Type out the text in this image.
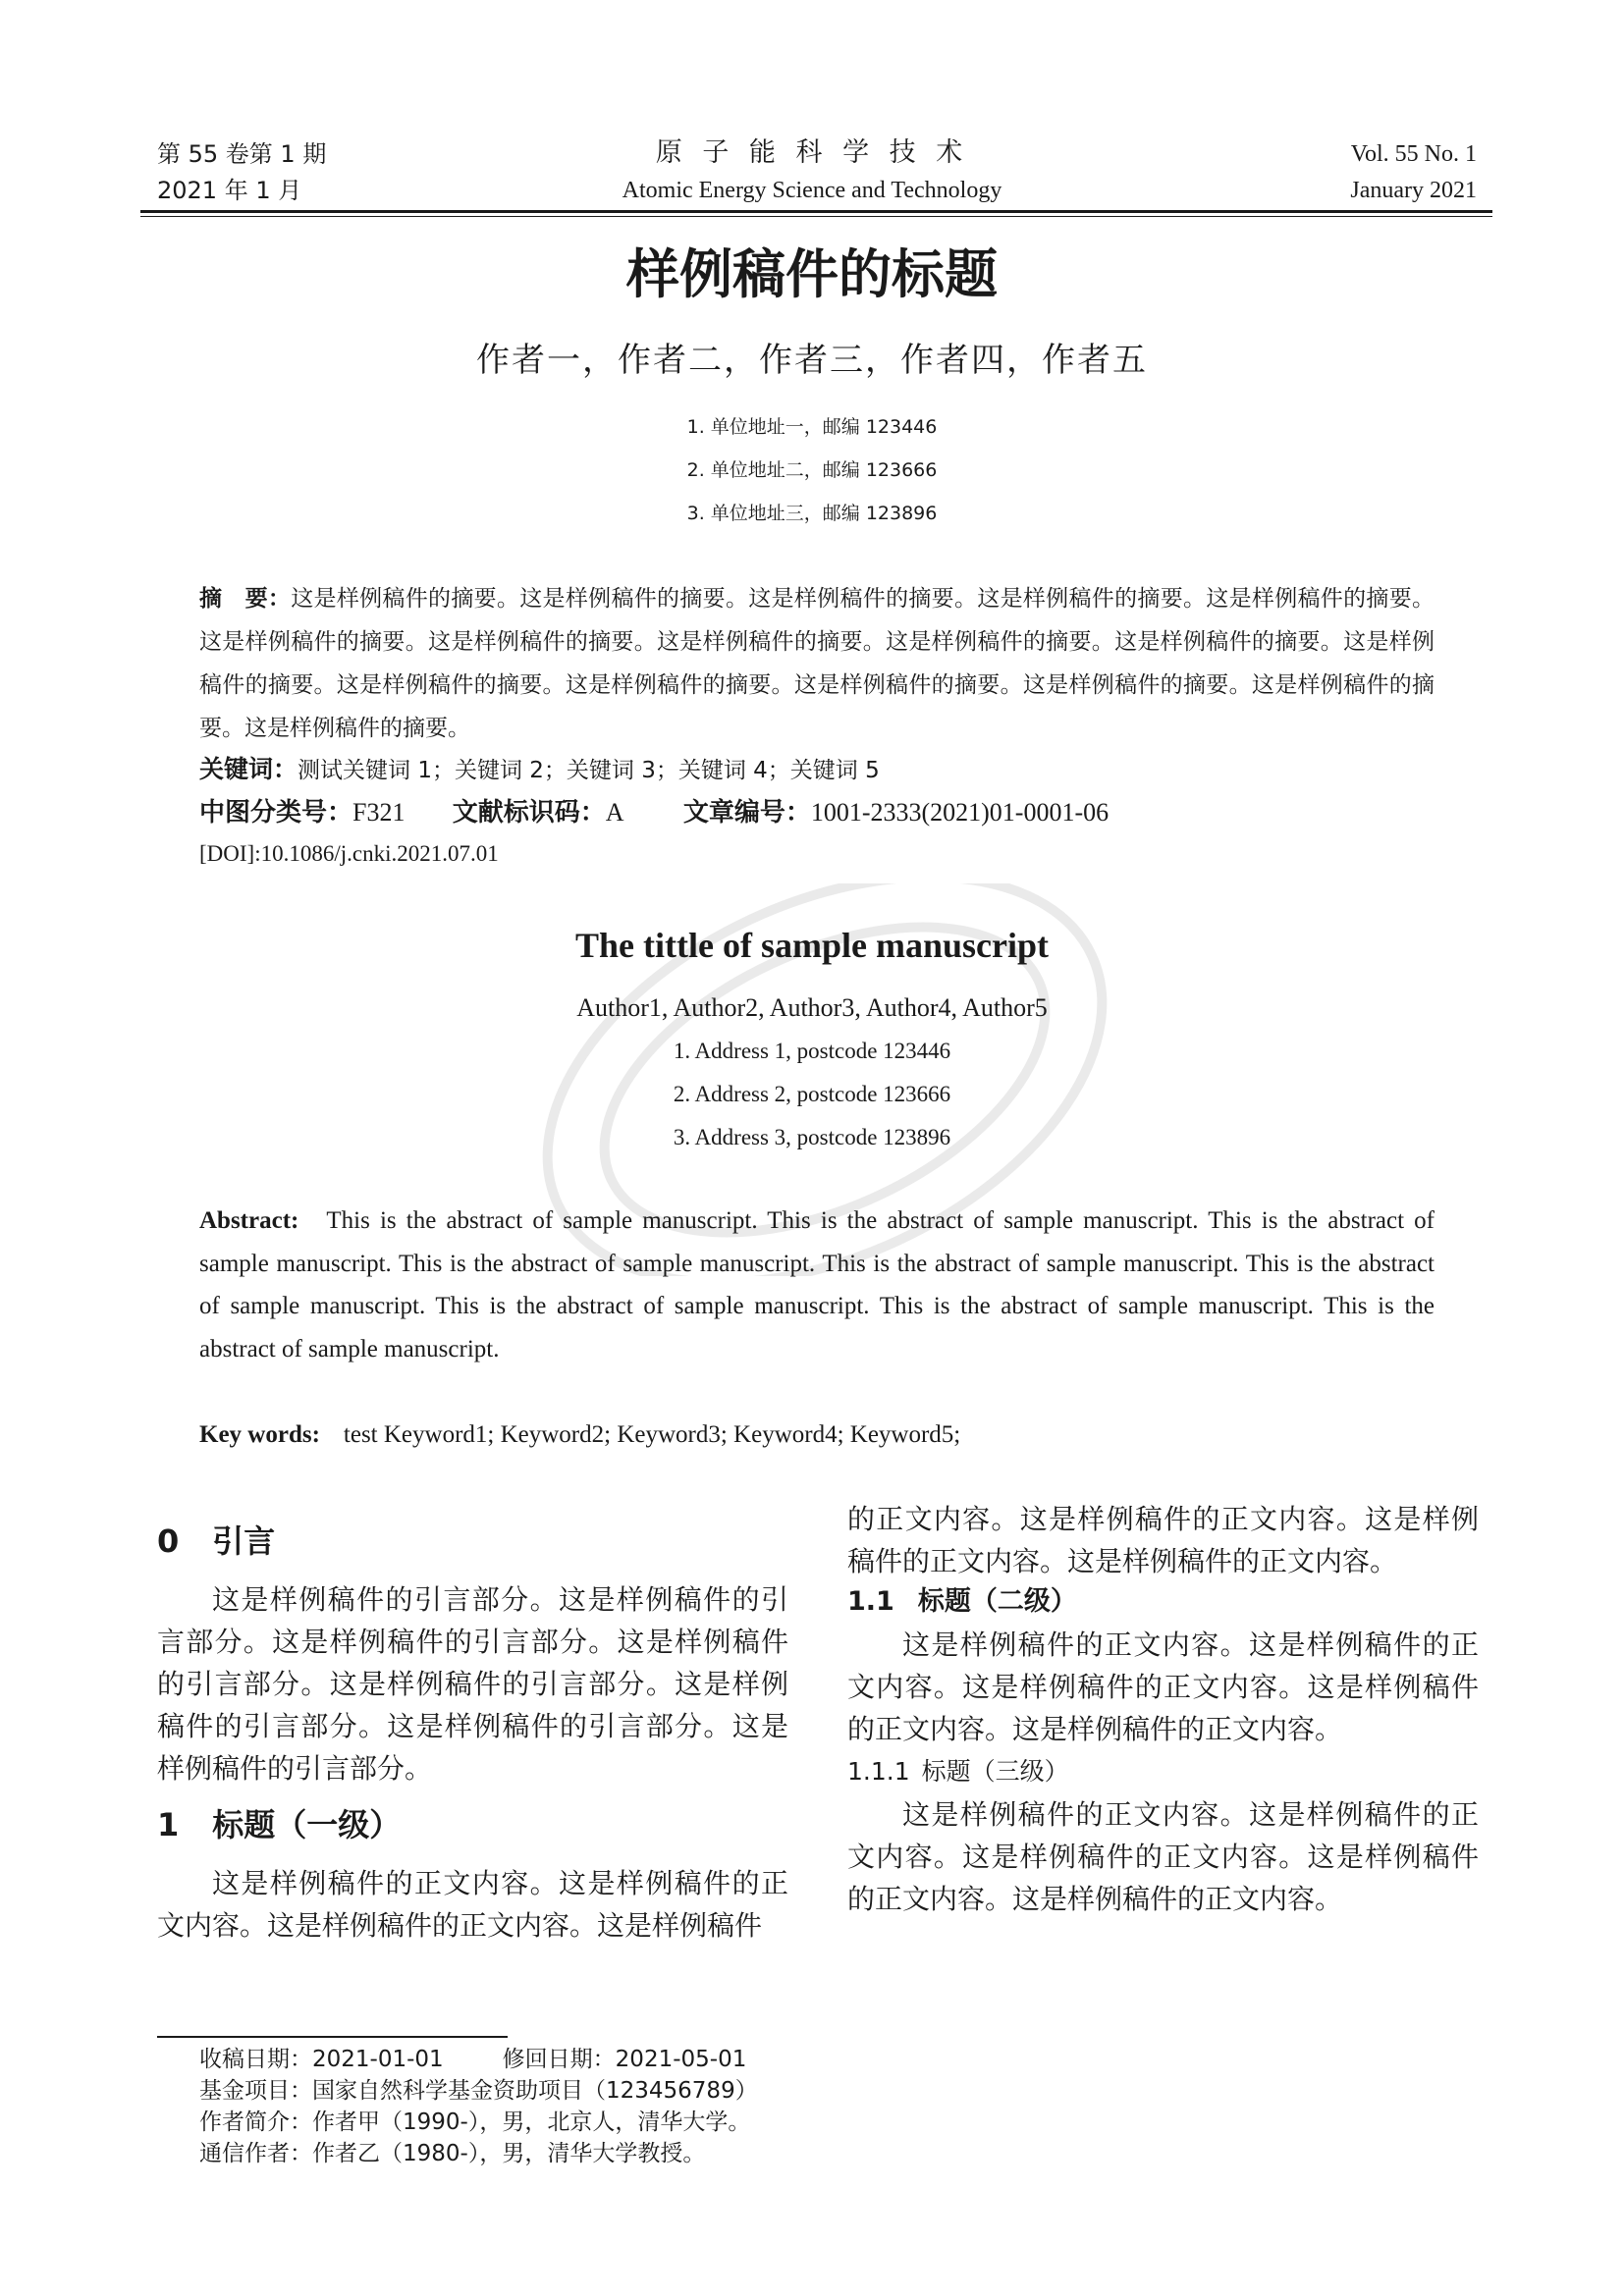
第 55 卷第 1 期
2021 年 1 月
原 子 能 科 学 技 术
Atomic Energy Science and Technology
Vol. 55 No. 1
January 2021
样例稿件的标题
作者一，作者二，作者三，作者四，作者五
1. 单位地址一，邮编 123446
2. 单位地址二，邮编 123666
3. 单位地址三，邮编 123896
摘　要：这是样例稿件的摘要。这是样例稿件的摘要。这是样例稿件的摘要。这是样例稿件的摘要。这是样例稿件的摘要。这是样例稿件的摘要。这是样例稿件的摘要。这是样例稿件的摘要。这是样例稿件的摘要。这是样例稿件的摘要。这是样例稿件的摘要。这是样例稿件的摘要。这是样例稿件的摘要。这是样例稿件的摘要。这是样例稿件的摘要。这是样例稿件的摘要。这是样例稿件的摘要。
关键词：测试关键词 1；关键词 2；关键词 3；关键词 4；关键词 5
中图分类号：F321 文献标识码：A 文章编号：1001-2333(2021)01-0001-06
[DOI]:10.1086/j.cnki.2021.07.01
The tittle of sample manuscript
Author1, Author2, Author3, Author4, Author5
1. Address 1, postcode 123446
2. Address 2, postcode 123666
3. Address 3, postcode 123896
Abstract: This is the abstract of sample manuscript. This is the abstract of sample manuscript. This is the abstract of sample manuscript. This is the abstract of sample manuscript. This is the abstract of sample manuscript. This is the abstract of sample manuscript. This is the abstract of sample manuscript. This is the abstract of sample manuscript. This is the abstract of sample manuscript.
Key words: test Keyword1; Keyword2; Keyword3; Keyword4; Keyword5;
0 引言

这是样例稿件的引言部分。这是样例稿件的引言部分。这是样例稿件的引言部分。这是样例稿件的引言部分。这是样例稿件的引言部分。这是样例稿件的引言部分。这是样例稿件的引言部分。这是样例稿件的引言部分。

1 标题（一级）

这是样例稿件的正文内容。这是样例稿件的正文内容。这是样例稿件的正文内容。这是样例稿件

的正文内容。这是样例稿件的正文内容。这是样例稿件的正文内容。这是样例稿件的正文内容。

1.1 标题（二级）

这是样例稿件的正文内容。这是样例稿件的正文内容。这是样例稿件的正文内容。这是样例稿件的正文内容。这是样例稿件的正文内容。

1.1.1 标题（三级）

这是样例稿件的正文内容。这是样例稿件的正文内容。这是样例稿件的正文内容。这是样例稿件的正文内容。这是样例稿件的正文内容。

收稿日期：2021-01-01	修回日期：2021-05-01

基金项目：国家自然科学基金资助项目（123456789）

作者简介：作者甲（1990-），男，北京人，清华大学。

通信作者：作者乙（1980-），男，清华大学教授。
